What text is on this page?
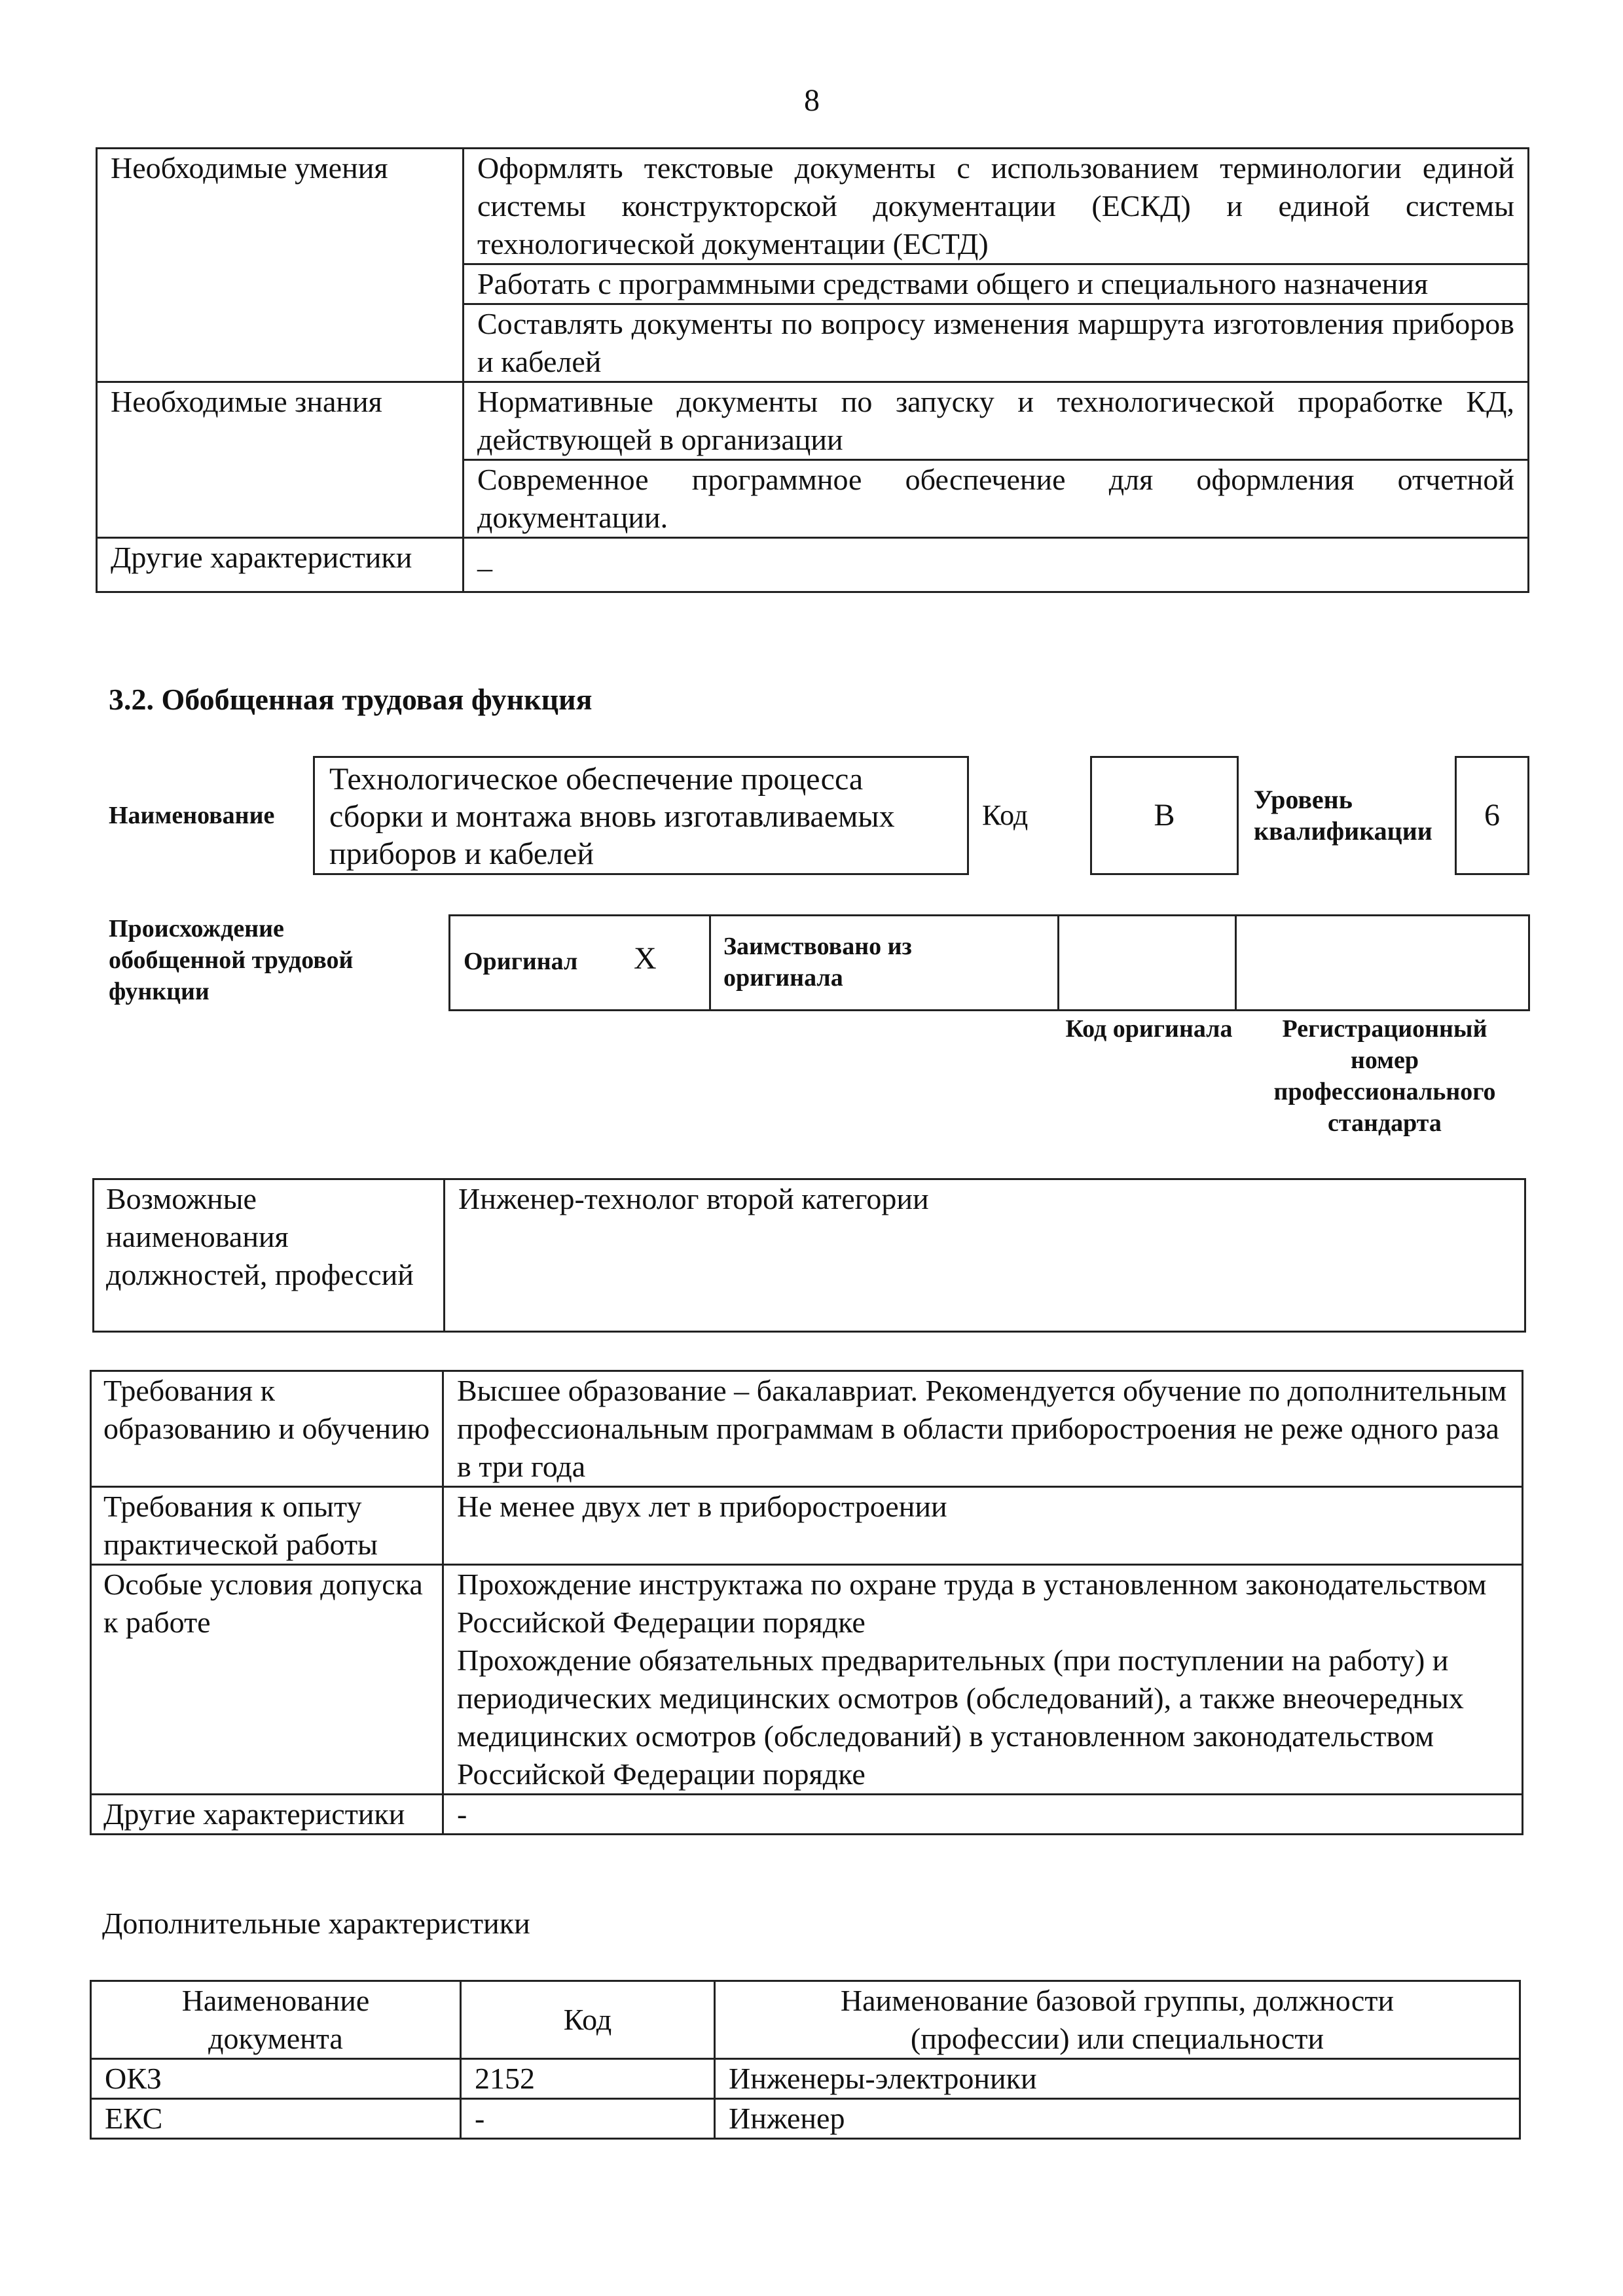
8
Необходимые умения	Оформлять текстовые документы с использованием терминологии единой системы конструкторской документации (ЕСКД) и единой системы технологической документации (ЕСТД)
	Работать с программными средствами общего и специального назначения
	Составлять документы по вопросу изменения маршрута изготовления приборов и кабелей
Необходимые знания	Нормативные документы по запуску и технологической проработке КД, действующей в организации
	Современное программное обеспечение для оформления отчетной документации.
Другие характеристики	_
3.2. Обобщенная трудовая функция
Наименование
Технологическое обеспечение процесса сборки и монтажа вновь изготавливаемых приборов и кабелей
Код	B	Уровень квалификации	6
Происхождение обобщенной трудовой функции
Оригинал X	Заимствовано из оригинала
Код оригинала	Регистрационный номер профессионального стандарта
Возможные наименования должностей, профессий	Инженер-технолог второй категории
Требования к образованию и обучению	Высшее образование – бакалавриат. Рекомендуется обучение по дополнительным профессиональным программам в области приборостроения не реже одного раза в три года
Требования к опыту практической работы	Не менее двух лет в приборостроении
Особые условия допуска к работе	Прохождение инструктажа по охране труда в установленном законодательством Российской Федерации порядке
Прохождение обязательных предварительных (при поступлении на работу) и периодических медицинских осмотров (обследований), а также внеочередных медицинских осмотров (обследований) в установленном законодательством Российской Федерации порядке

Другие характеристики	-
Дополнительные характеристики
Наименование документа	Код	Наименование базовой группы, должности (профессии) или специальности
ОКЗ	2152	Инженеры-электроники
ЕКС	-	Инженер
